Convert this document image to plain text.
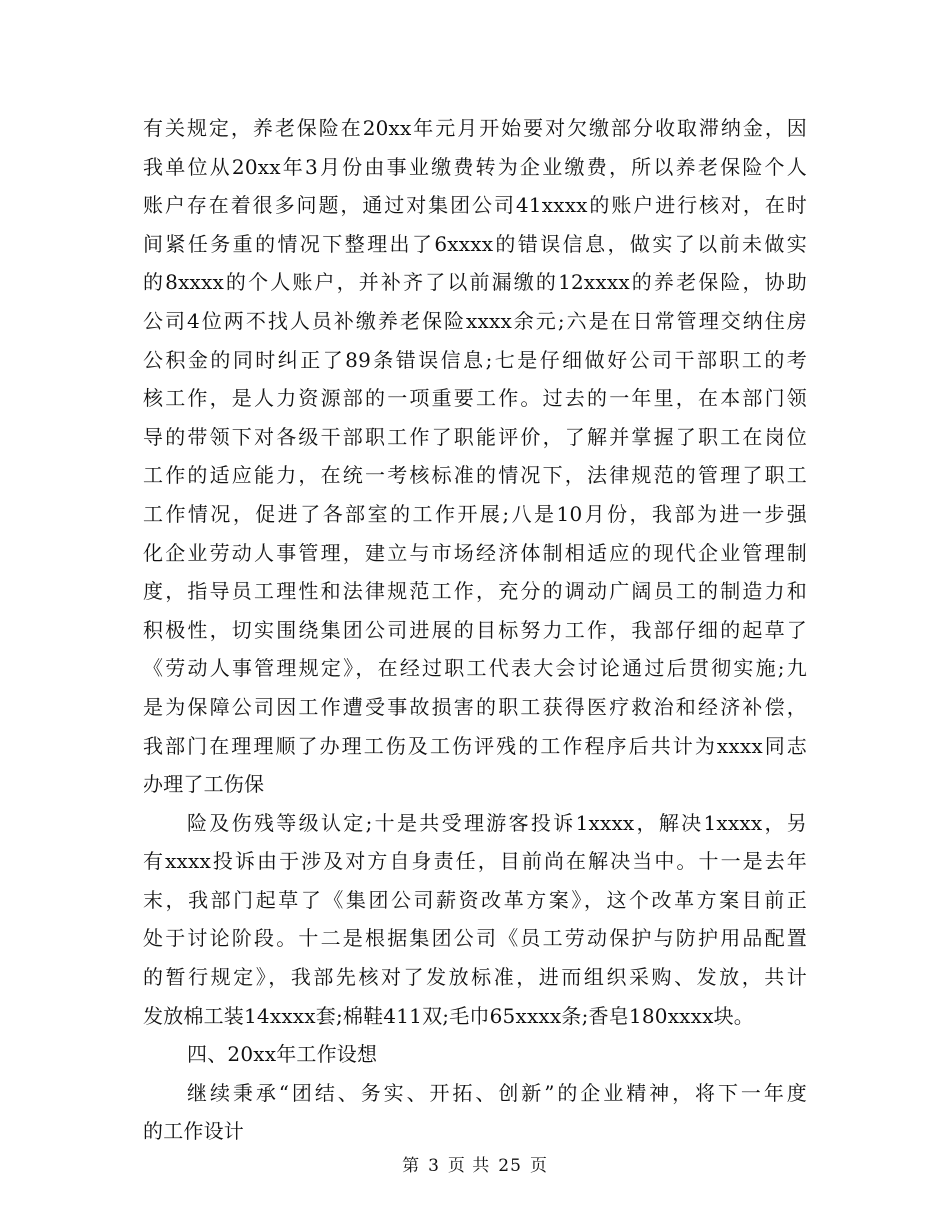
有关规定，养老保险在20xx年元月开始要对欠缴部分收取滞纳金，因
我单位从20xx年3月份由事业缴费转为企业缴费，所以养老保险个人
账户存在着很多问题，通过对集团公司41xxxx的账户进行核对，在时
间紧任务重的情况下整理出了6xxxx的错误信息，做实了以前未做实
的8xxxx的个人账户，并补齐了以前漏缴的12xxxx的养老保险，协助
公司4位两不找人员补缴养老保险xxxx余元;六是在日常管理交纳住房
公积金的同时纠正了89条错误信息;七是仔细做好公司干部职工的考
核工作，是人力资源部的一项重要工作。过去的一年里，在本部门领
导的带领下对各级干部职工作了职能评价，了解并掌握了职工在岗位
工作的适应能力，在统一考核标准的情况下，法律规范的管理了职工
工作情况，促进了各部室的工作开展;八是10月份，我部为进一步强
化企业劳动人事管理，建立与市场经济体制相适应的现代企业管理制
度，指导员工理性和法律规范工作，充分的调动广阔员工的制造力和
积极性，切实围绕集团公司进展的目标努力工作，我部仔细的起草了
《劳动人事管理规定》，在经过职工代表大会讨论通过后贯彻实施;九
是为保障公司因工作遭受事故损害的职工获得医疗救治和经济补偿，
我部门在理理顺了办理工伤及工伤评残的工作程序后共计为xxxx同志
办理了工伤保
险及伤残等级认定;十是共受理游客投诉1xxxx，解决1xxxx，另
有xxxx投诉由于涉及对方自身责任，目前尚在解决当中。十一是去年
末，我部门起草了《集团公司薪资改革方案》，这个改革方案目前正
处于讨论阶段。十二是根据集团公司《员工劳动保护与防护用品配置
的暂行规定》，我部先核对了发放标准，进而组织采购、发放，共计
发放棉工装14xxxx套;棉鞋411双;毛巾65xxxx条;香皂180xxxx块。
四、20xx年工作设想
继续秉承“团结、务实、开拓、创新”的企业精神，将下一年度
的工作设计
第 3 页 共 25 页
